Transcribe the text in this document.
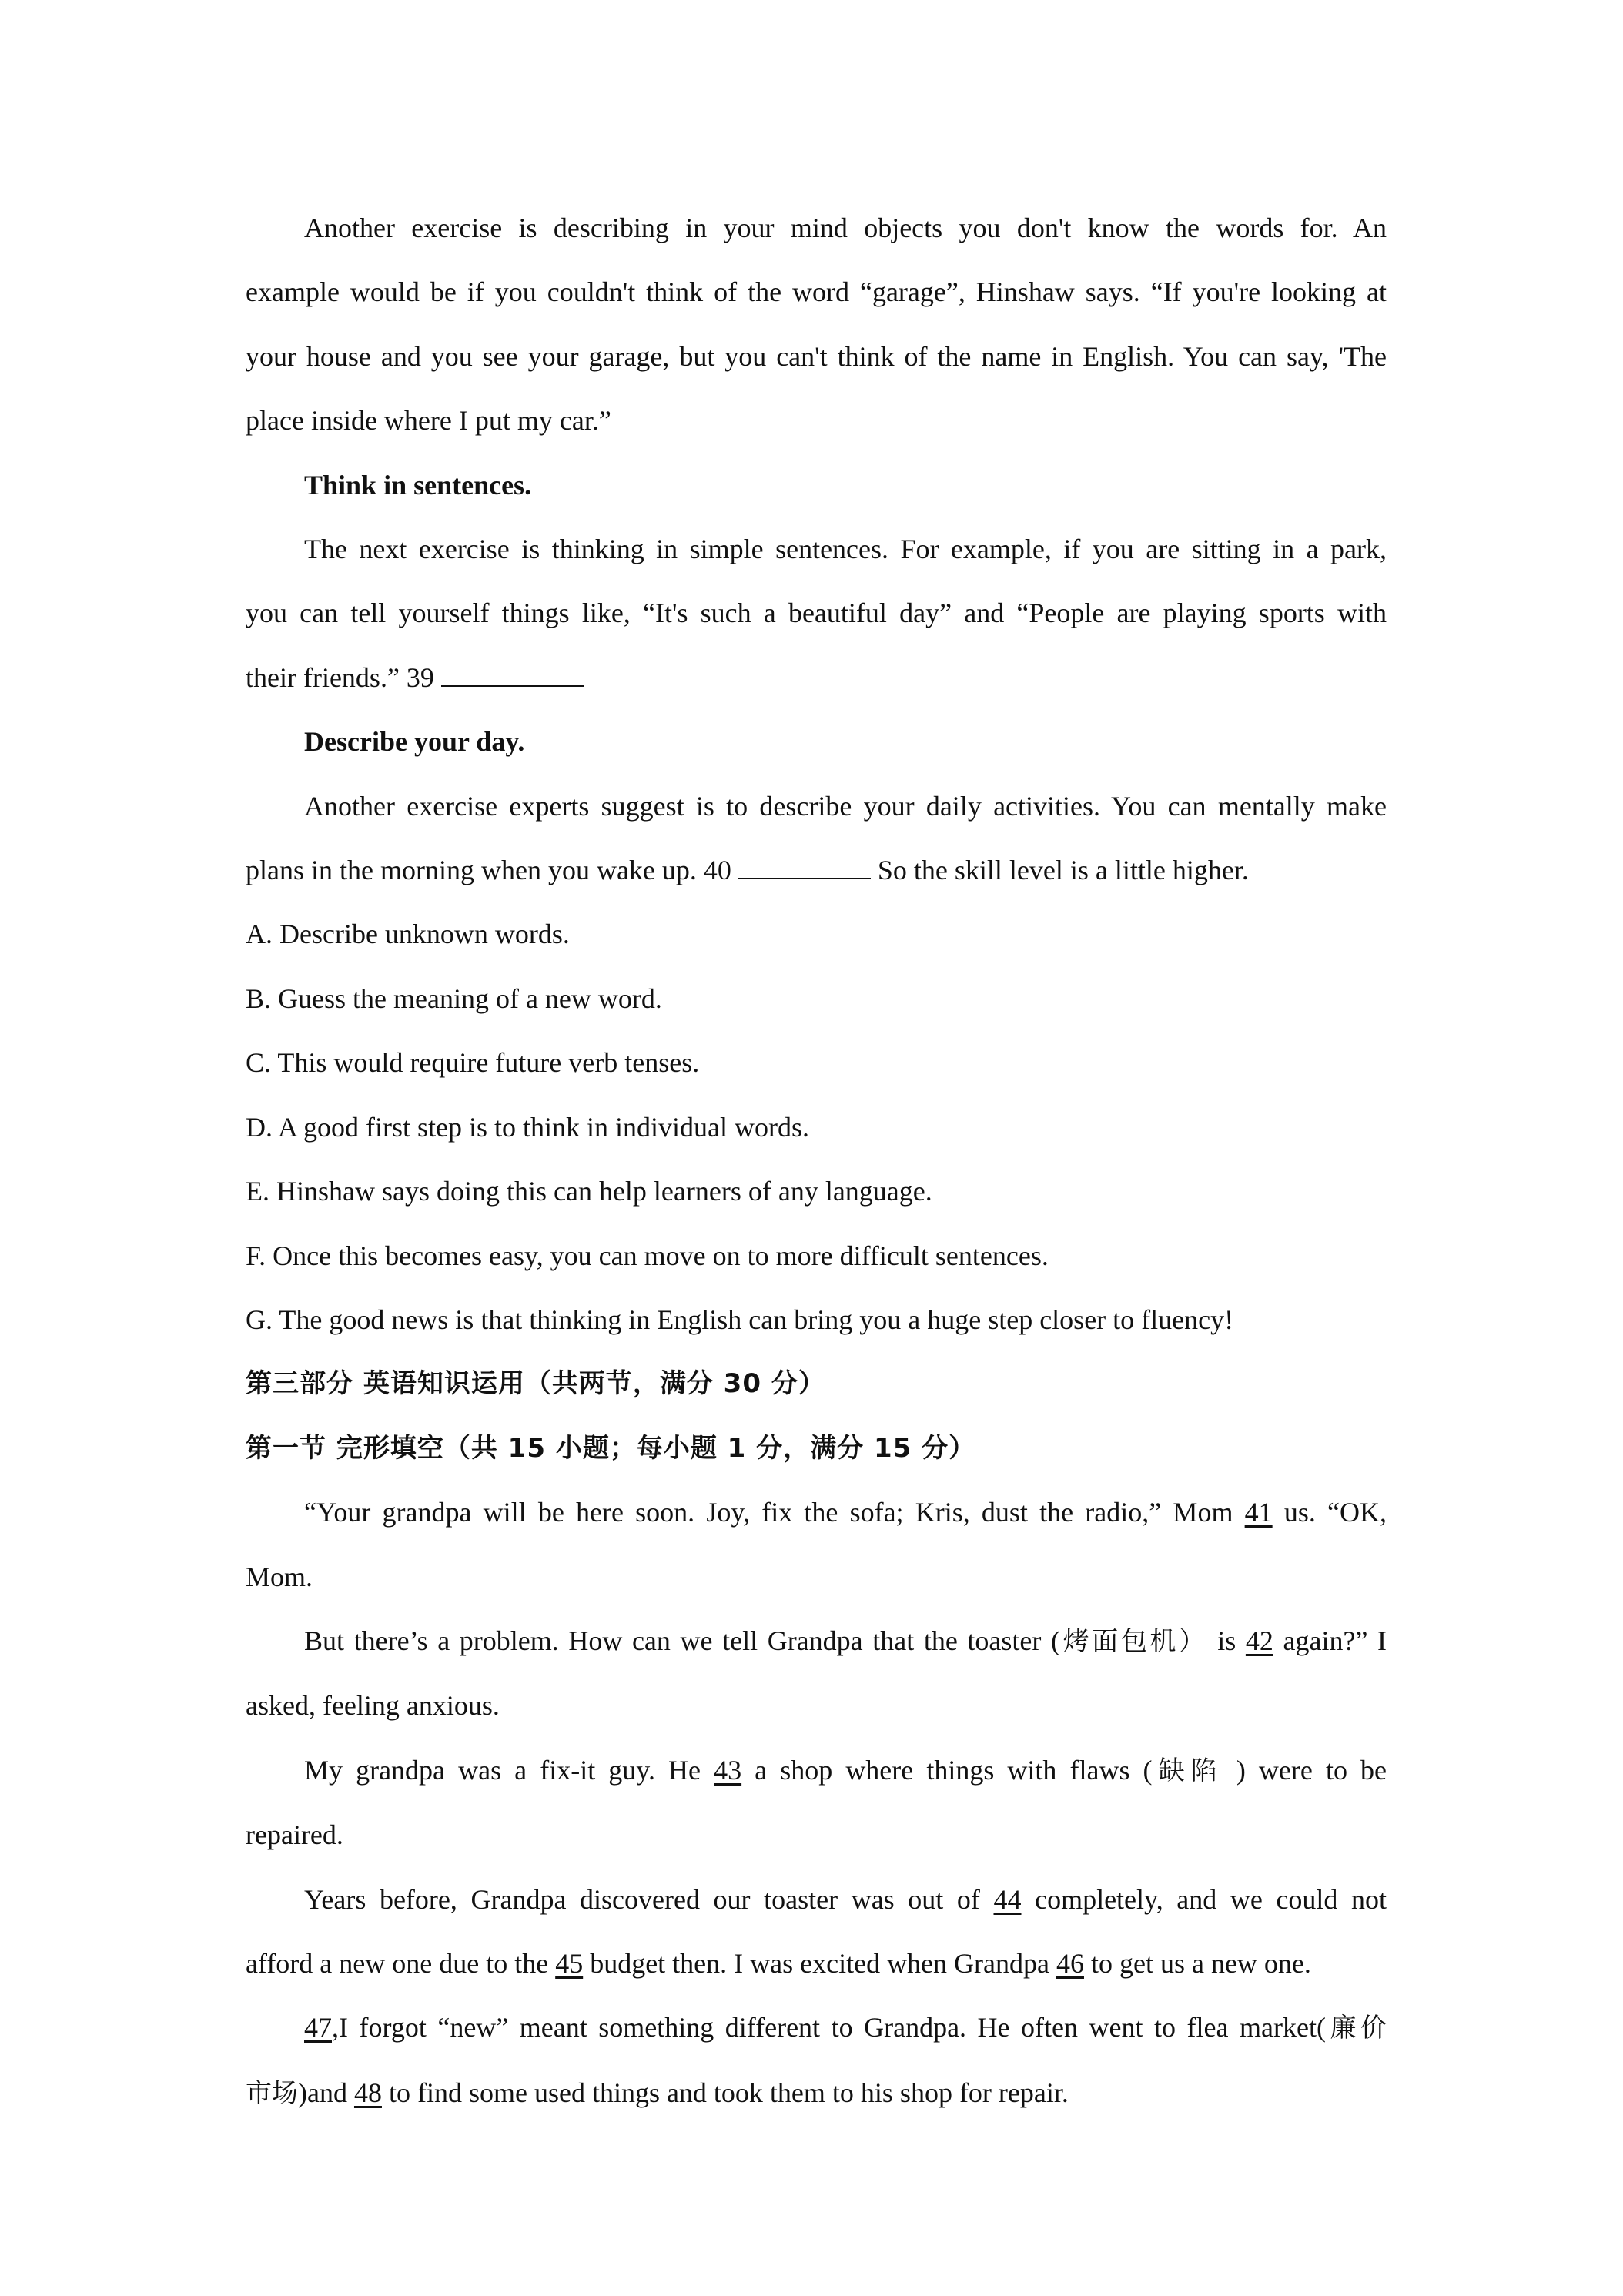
Another exercise is describing in your mind objects you don't know the words for. An

example would be if you couldn't think of the word “garage”, Hinshaw says. “If you're looking at

your house and you see your garage, but you can't think of the name in English. You can say, 'The

place inside where I put my car.”

Think in sentences.

The next exercise is thinking in simple sentences. For example, if you are sitting in a park,

you can tell yourself things like, “It's such a beautiful day” and “People are playing sports with

their friends.” 39

Describe your day.

Another exercise experts suggest is to describe your daily activities. You can mentally make

plans in the morning when you wake up. 40	So the skill level is a little higher.

A. Describe unknown words.

B. Guess the meaning of a new word.

C. This would require future verb tenses.

D. A good first step is to think in individual words.

E. Hinshaw says doing this can help learners of any language.

F. Once this becomes easy, you can move on to more difficult sentences.

G. The good news is that thinking in English can bring you a huge step closer to fluency!

第三部分 英语知识运用（共两节，满分 30 分）

第一节 完形填空（共 15 小题；每小题 1 分，满分 15 分）

“Your grandpa will be here soon. Joy, fix the sofa; Kris, dust the radio,” Mom 41 us. “OK,

Mom.

But there’s a problem. How can we tell Grandpa that the toaster (烤面包机） is 42 again?” I

asked, feeling anxious.

My grandpa was a fix-it guy. He 43 a shop where things with flaws (缺陷 ) were to be

repaired.

Years before, Grandpa discovered our toaster was out of 44 completely, and we could not

afford a new one due to the 45 budget then. I was excited when Grandpa 46 to get us a new one.

47,I forgot “new” meant something different to Grandpa. He often went to flea market(廉价

市场)and 48 to find some used things and took them to his shop for repair.
